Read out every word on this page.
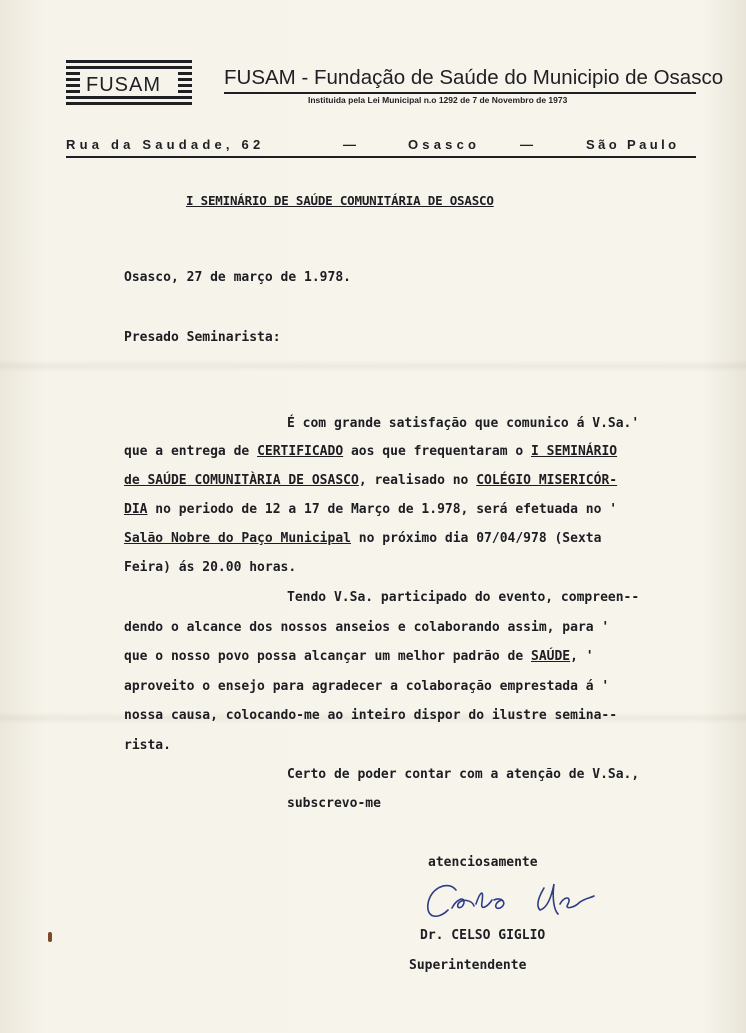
FUSAM	FUSAM - Fundação de Saúde do Municipio de Osasco
Instituida pela Lei Municipal n.o 1292 de 7 de Novembro de 1973
Rua da Saudade, 62	—	Osasco	—	São Paulo
I SEMINÁRIO DE SAÚDE COMUNITÁRIA DE OSASCO
Osasco, 27 de março de 1.978.
Presado Seminarista:
É com grande satisfação que comunico á V.Sa.'
que a entrega de CERTIFICADO aos que frequentaram o I SEMINÁRIO
de SAÚDE COMUNITÀRIA DE OSASCO, realisado no COLÉGIO MISERICÓR-
DIA no periodo de 12 a 17 de Março de 1.978, será efetuada no '
Salão Nobre do Paço Municipal no próximo dia 07/04/978 (Sexta
Feira) ás 20.00 horas.
Tendo V.Sa. participado do evento, compreen--
dendo o alcance dos nossos anseios e colaborando assim, para '
que o nosso povo possa alcançar um melhor padrão de SAÚDE, '
aproveito o ensejo para agradecer a colaboração emprestada á '
nossa causa, colocando-me ao inteiro dispor do ilustre semina--
rista.
Certo de poder contar com a atenção de V.Sa.,
subscrevo-me
atenciosamente
Dr. CELSO GIGLIO
Superintendente
